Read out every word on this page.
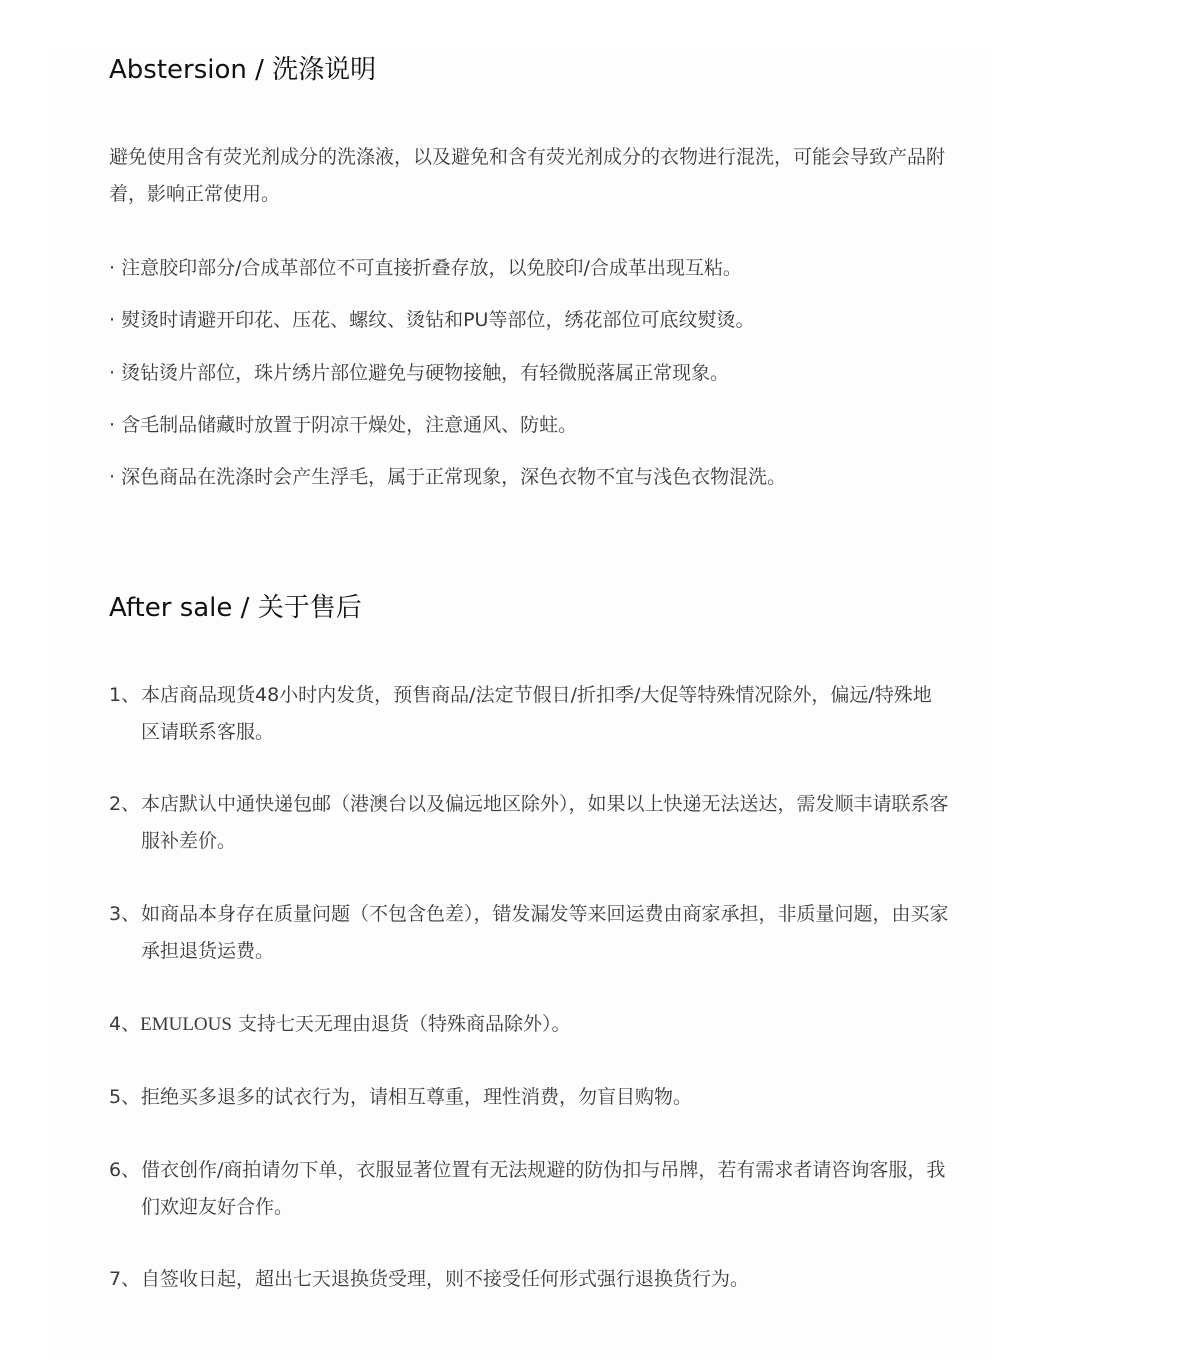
Abstersion / 洗涤说明

避免使用含有荧光剂成分的洗涤液，以及避免和含有荧光剂成分的衣物进行混洗，可能会导致产品附着，影响正常使用。

· 注意胶印部分/合成革部位不可直接折叠存放，以免胶印/合成革出现互粘。

· 熨烫时请避开印花、压花、螺纹、烫钻和PU等部位，绣花部位可底纹熨烫。

· 烫钻烫片部位，珠片绣片部位避免与硬物接触，有轻微脱落属正常现象。

· 含毛制品储藏时放置于阴凉干燥处，注意通风、防蛀。

· 深色商品在洗涤时会产生浮毛，属于正常现象，深色衣物不宜与浅色衣物混洗。

After sale / 关于售后
1、 本店商品现货48小时内发货，预售商品/法定节假日/折扣季/大促等特殊情况除外，偏远/特殊地区请联系客服。
2、 本店默认中通快递包邮（港澳台以及偏远地区除外），如果以上快递无法送达，需发顺丰请联系客服补差价。
3、 如商品本身存在质量问题（不包含色差），错发漏发等来回运费由商家承担，非质量问题，由买家承担退货运费。
4、 EMULOUS 支持七天无理由退货（特殊商品除外）。
5、 拒绝买多退多的试衣行为，请相互尊重，理性消费，勿盲目购物。
6、 借衣创作/商拍请勿下单，衣服显著位置有无法规避的防伪扣与吊牌，若有需求者请咨询客服，我们欢迎友好合作。
7、 自签收日起，超出七天退换货受理，则不接受任何形式强行退换货行为。
